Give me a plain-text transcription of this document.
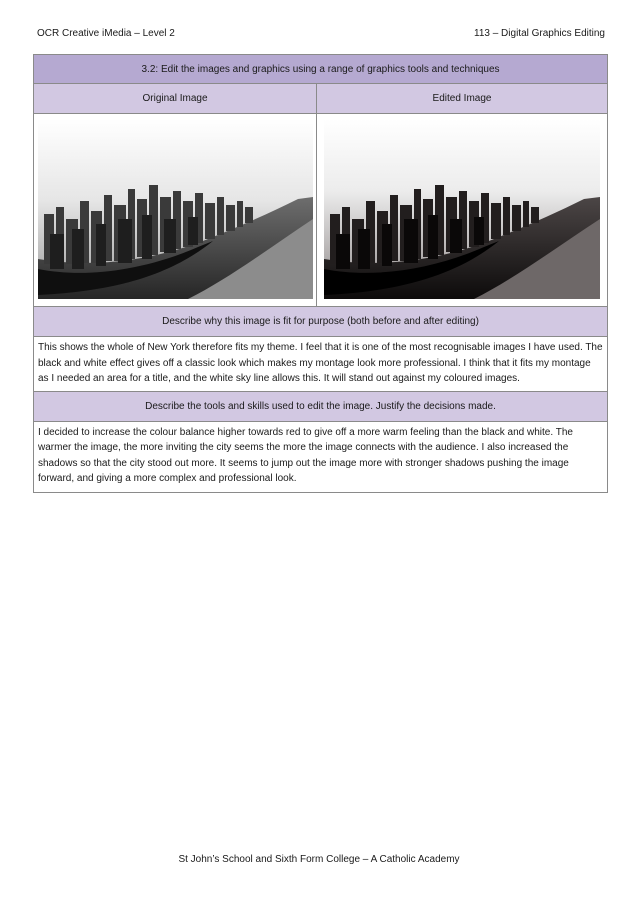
OCR Creative iMedia – Level 2	113 – Digital Graphics Editing
3.2: Edit the images and graphics using a range of graphics tools and techniques	
Original Image	Edited Image

Describe why this image is fit for purpose (both before and after editing)	
This shows the whole of New York therefore fits my theme. I feel that it is one of the most recognisable images I have used. The black and white effect gives off a classic look which makes my montage look more professional. I think that it fits my montage as I needed an area for a title, and the white sky line allows this. It will stand out against my coloured images.	
Describe the tools and skills used to edit the image. Justify the decisions made.	
I decided to increase the colour balance higher towards red to give off a more warm feeling than the black and white. The warmer the image, the more inviting the city seems the more the image connects with the audience. I also increased the shadows so that the city stood out more. It seems to jump out the image more with stronger shadows pushing the image forward, and giving a more complex and professional look.	
St John’s School and Sixth Form College – A Catholic Academy
